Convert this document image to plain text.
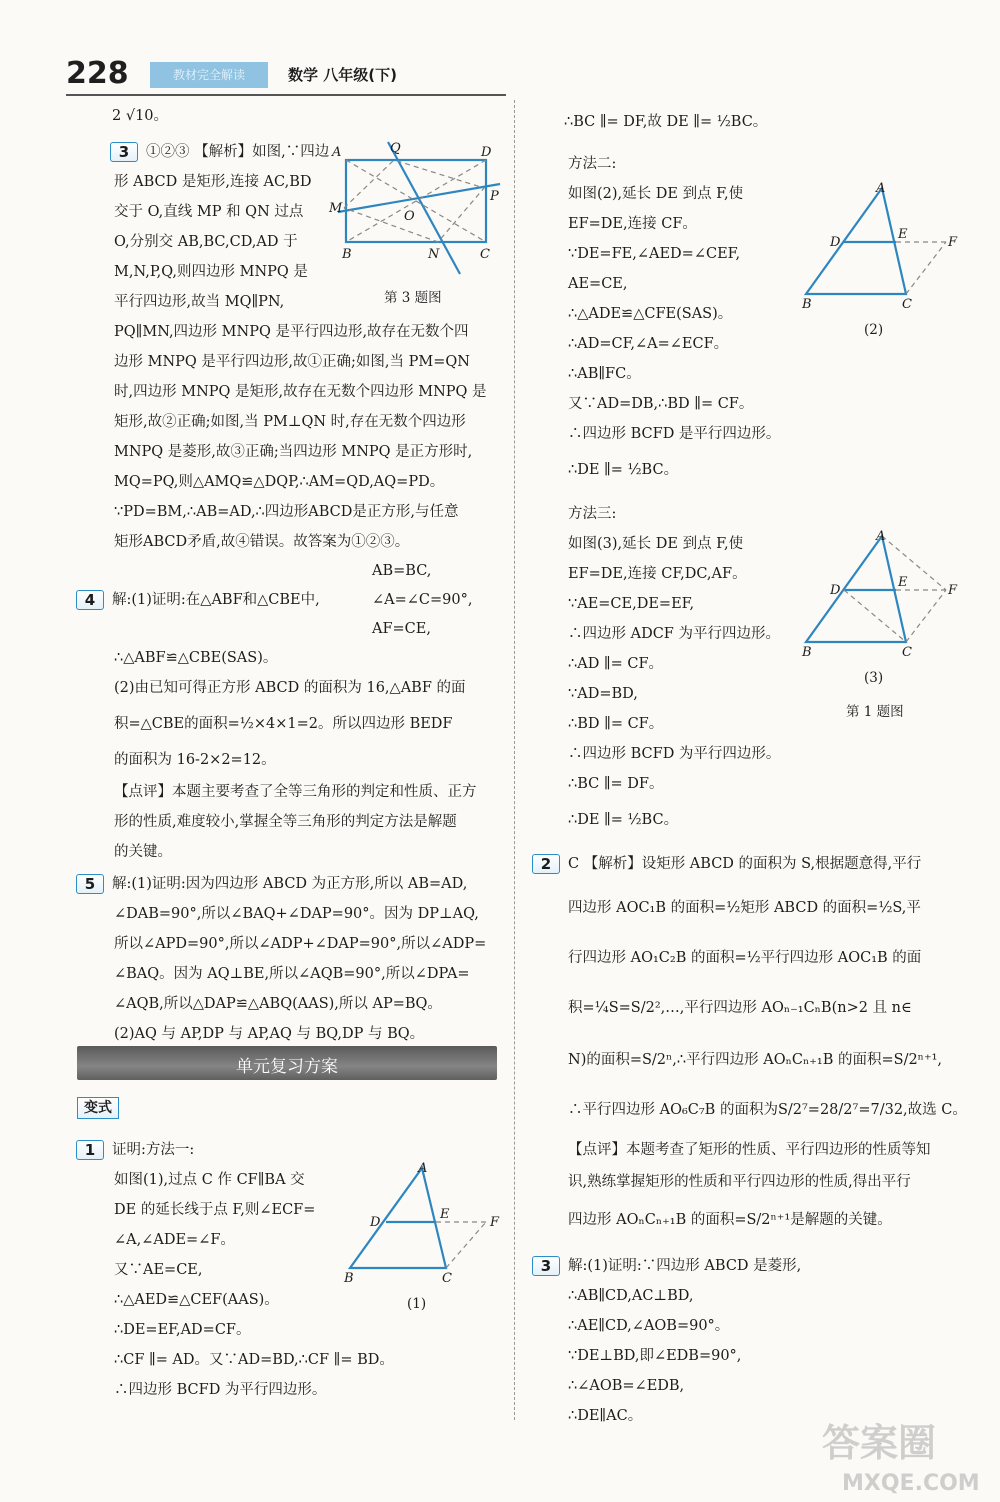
228	教材完全解读	数学 八年级(下)
2 √10。
3 ①②③ 【解析】如图,∵四边
形 ABCD 是矩形,连接 AC,BD
交于 O,直线 MP 和 QN 过点
O,分别交 AB,BC,CD,AD 于
M,N,P,Q,则四边形 MNPQ 是
平行四边形,故当 MQ∥PN,
PQ∥MN,四边形 MNPQ 是平行四边形,故存在无数个四
边形 MNPQ 是平行四边形,故①正确;如图,当 PM=QN
时,四边形 MNPQ 是矩形,故存在无数个四边形 MNPQ 是
矩形,故②正确;如图,当 PM⊥QN 时,存在无数个四边形
MNPQ 是菱形,故③正确;当四边形 MNPQ 是正方形时,
MQ=PQ,则△AMQ≌△DQP,∴AM=QD,AQ=PD。
∵PD=BM,∴AB=AD,∴四边形ABCD是正方形,与任意
矩形ABCD矛盾,故④错误。故答案为①②③。
AB=BC,
4 解:(1)证明:在△ABF和△CBE中,	∠A=∠C=90°,
AF=CE,
∴△ABF≌△CBE(SAS)。
(2)由已知可得正方形 ABCD 的面积为 16,△ABF 的面
积=△CBE的面积=½×4×1=2。所以四边形 BEDF
的面积为 16-2×2=12。
【点评】本题主要考查了全等三角形的判定和性质、正方
形的性质,难度较小,掌握全等三角形的判定方法是解题
的关键。
5 解:(1)证明:因为四边形 ABCD 为正方形,所以 AB=AD,
∠DAB=90°,所以∠BAQ+∠DAP=90°。因为 DP⊥AQ,
所以∠APD=90°,所以∠ADP+∠DAP=90°,所以∠ADP=
∠BAQ。因为 AQ⊥BE,所以∠AQB=90°,所以∠DPA=
∠AQB,所以△DAP≌△ABQ(AAS),所以 AP=BQ。
(2)AQ 与 AP,DP 与 AP,AQ 与 BQ,DP 与 BQ。
1 证明:方法一:
如图(1),过点 C 作 CF∥BA 交
DE 的延长线于点 F,则∠ECF=
∠A,∠ADE=∠F。
又∵AE=CE,
∴△AED≌△CEF(AAS)。
∴DE=EF,AD=CF。
∴CF ∥= AD。又∵AD=BD,∴CF ∥= BD。
∴四边形 BCFD 为平行四边形。
∴BC ∥= DF,故 DE ∥= ½BC。
方法二:
如图(2),延长 DE 到点 F,使
EF=DE,连接 CF。
∵DE=FE,∠AED=∠CEF,
AE=CE,
∴△ADE≌△CFE(SAS)。
∴AD=CF,∠A=∠ECF。
∴AB∥FC。
又∵AD=DB,∴BD ∥= CF。
∴四边形 BCFD 是平行四边形。
∴DE ∥= ½BC。
方法三:
如图(3),延长 DE 到点 F,使
EF=DE,连接 CF,DC,AF。
∵AE=CE,DE=EF,
∴四边形 ADCF 为平行四边形。
∴AD ∥= CF。
∵AD=BD,
∴BD ∥= CF。
∴四边形 BCFD 为平行四边形。
∴BC ∥= DF。
∴DE ∥= ½BC。
2 C 【解析】设矩形 ABCD 的面积为 S,根据题意得,平行
四边形 AOC₁B 的面积=½矩形 ABCD 的面积=½S,平
行四边形 AO₁C₂B 的面积=½平行四边形 AOC₁B 的面
积=¼S=S/2²,…,平行四边形 AOₙ₋₁CₙB(n>2 且 n∈
N)的面积=S/2ⁿ,∴平行四边形 AOₙCₙ₊₁B 的面积=S/2ⁿ⁺¹,
∴平行四边形 AO₆C₇B 的面积为S/2⁷=28/2⁷=7/32,故选 C。
【点评】本题考查了矩形的性质、平行四边形的性质等知
识,熟练掌握矩形的性质和平行四边形的性质,得出平行
四边形 AOₙCₙ₊₁B 的面积=S/2ⁿ⁺¹是解题的关键。
3 解:(1)证明:∵四边形 ABCD 是菱形,
∴AB∥CD,AC⊥BD,
∴AE∥CD,∠AOB=90°。
∵DE⊥BD,即∠EDB=90°,
∴∠AOB=∠EDB,
∴DE∥AC。
A	Q	D
M
O
P
B	N	C
第 3 题图
A
D
E
F
B	C
(1)
A
D
E
F
B	C
(2)
A
D
E
F
B	C
(3)
第 1 题图
单元复习方案
变式
答案圈
MXQE.COM
